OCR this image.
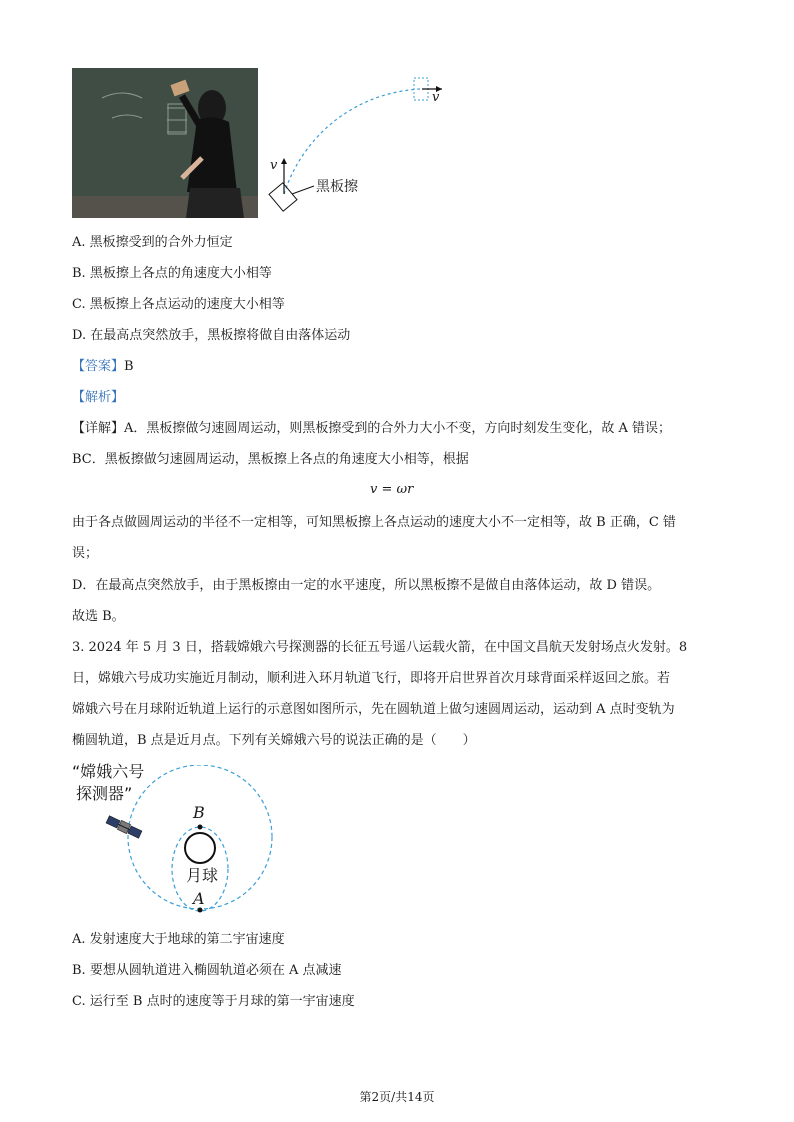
v
v
黑板擦
A. 黑板擦受到的合外力恒定
B. 黑板擦上各点的角速度大小相等
C. 黑板擦上各点运动的速度大小相等
D. 在最高点突然放手，黑板擦将做自由落体运动
【答案】B
【解析】
【详解】A．黑板擦做匀速圆周运动，则黑板擦受到的合外力大小不变，方向时刻发生变化，故 A 错误；
BC．黑板擦做匀速圆周运动，黑板擦上各点的角速度大小相等，根据
v = ωr
由于各点做圆周运动的半径不一定相等，可知黑板擦上各点运动的速度大小不一定相等，故 B 正确，C 错
误；
D．在最高点突然放手，由于黑板擦由一定的水平速度，所以黑板擦不是做自由落体运动，故 D 错误。
故选 B。
3. 2024 年 5 月 3 日，搭载嫦娥六号探测器的长征五号遥八运载火箭，在中国文昌航天发射场点火发射。8
日，嫦娥六号成功实施近月制动，顺利进入环月轨道飞行，即将开启世界首次月球背面采样返回之旅。若
嫦娥六号在月球附近轨道上运行的示意图如图所示，先在圆轨道上做匀速圆周运动，运动到 A 点时变轨为
椭圆轨道，B 点是近月点。下列有关嫦娥六号的说法正确的是（　　）
“嫦娥六号
探测器”
B
月球
A
A. 发射速度大于地球的第二宇宙速度
B. 要想从圆轨道进入椭圆轨道必须在 A 点减速
C. 运行至 B 点时的速度等于月球的第一宇宙速度
第2页/共14页
